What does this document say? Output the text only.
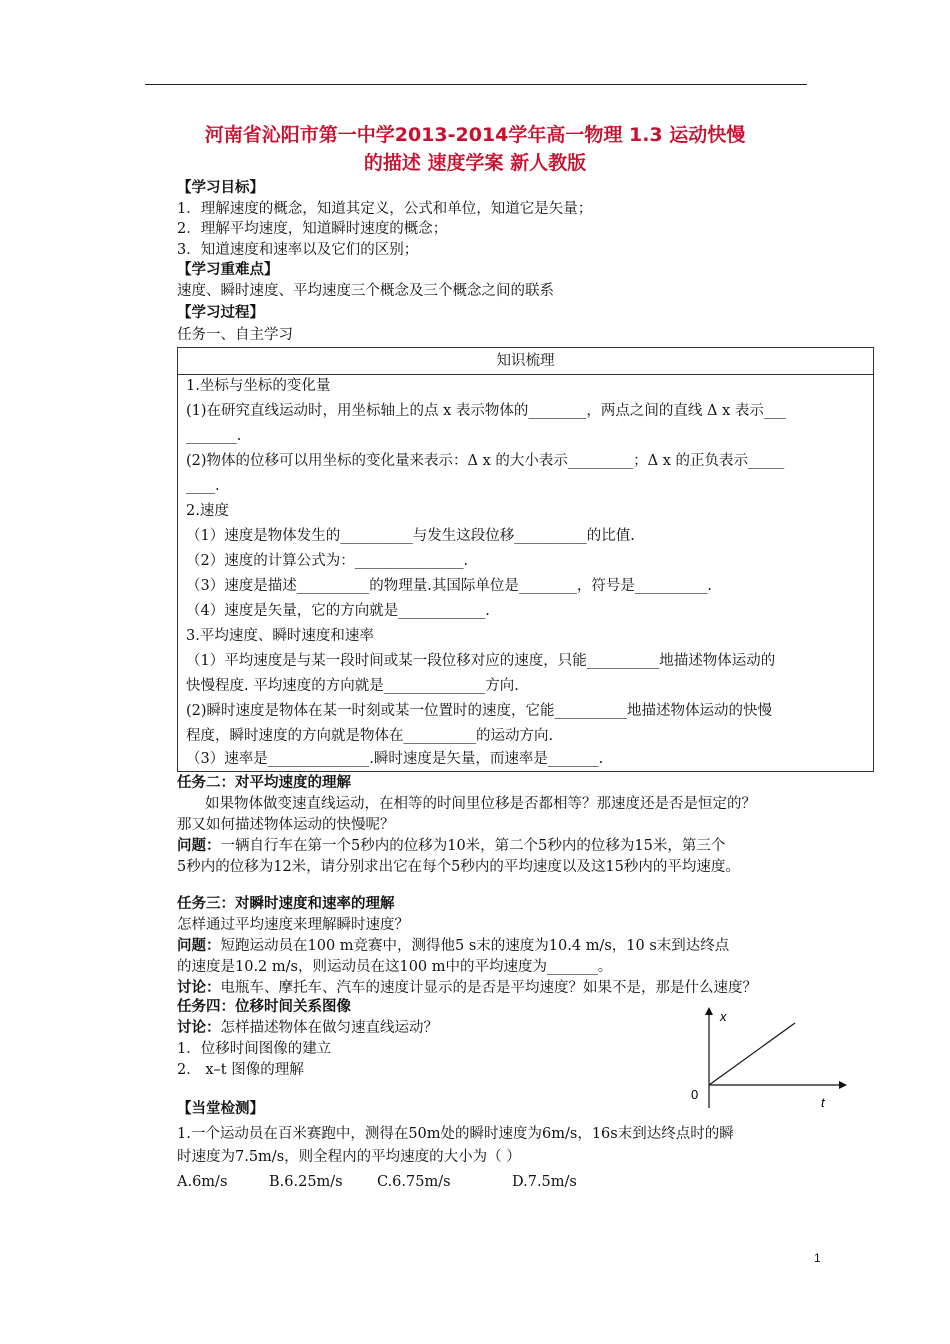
河南省沁阳市第一中学2013-2014学年高一物理 1.3 运动快慢
的描述 速度学案 新人教版
【学习目标】
1．理解速度的概念，知道其定义，公式和单位，知道它是矢量；
2．理解平均速度，知道瞬时速度的概念；
3．知道速度和速率以及它们的区别；
【学习重难点】
速度、瞬时速度、平均速度三个概念及三个概念之间的联系
【学习过程】
任务一、自主学习
知识梳理
1.坐标与坐标的变化量
(1)在研究直线运动时，用坐标轴上的点 x 表示物体的________，两点之间的直线 Δ x 表示___
_______.
(2)物体的位移可以用坐标的变化量来表示：Δ x 的大小表示_________；Δ x 的正负表示_____
____.
2.速度
（1）速度是物体发生的__________与发生这段位移__________的比值.
（2）速度的计算公式为：_______________.
（3）速度是描述__________的物理量.其国际单位是________，符号是__________.
（4）速度是矢量，它的方向就是____________.
3.平均速度、瞬时速度和速率
（1）平均速度是与某一段时间或某一段位移对应的速度，只能__________地描述物体运动的
快慢程度. 平均速度的方向就是______________方向.
(2)瞬时速度是物体在某一时刻或某一位置时的速度，它能__________地描述物体运动的快慢
程度，瞬时速度的方向就是物体在__________的运动方向.
（3）速率是______________.瞬时速度是矢量，而速率是_______.
任务二：对平均速度的理解
如果物体做变速直线运动，在相等的时间里位移是否都相等？那速度还是否是恒定的？
那又如何描述物体运动的快慢呢？
问题：一辆自行车在第一个5秒内的位移为10米，第二个5秒内的位移为15米，第三个
5秒内的位移为12米，请分别求出它在每个5秒内的平均速度以及这15秒内的平均速度。
任务三：对瞬时速度和速率的理解
怎样通过平均速度来理解瞬时速度？
问题：短跑运动员在100 m竞赛中，测得他5 s末的速度为10.4 m/s，10 s末到达终点
的速度是10.2 m/s，则运动员在这100 m中的平均速度为_______。
讨论：电瓶车、摩托车、汽车的速度计显示的是否是平均速度？如果不是，那是什么速度？
任务四：位移时间关系图像
讨论：怎样描述物体在做匀速直线运动？
1．位移时间图像的建立
2． x–t 图像的理解
x
t
0
【当堂检测】
1.一个运动员在百米赛跑中，测得在50m处的瞬时速度为6m/s，16s末到达终点时的瞬
时速度为7.5m/s，则全程内的平均速度的大小为（ ）
A.6m/s	B.6.25m/s C.6.75m/s	D.7.5m/s
1
